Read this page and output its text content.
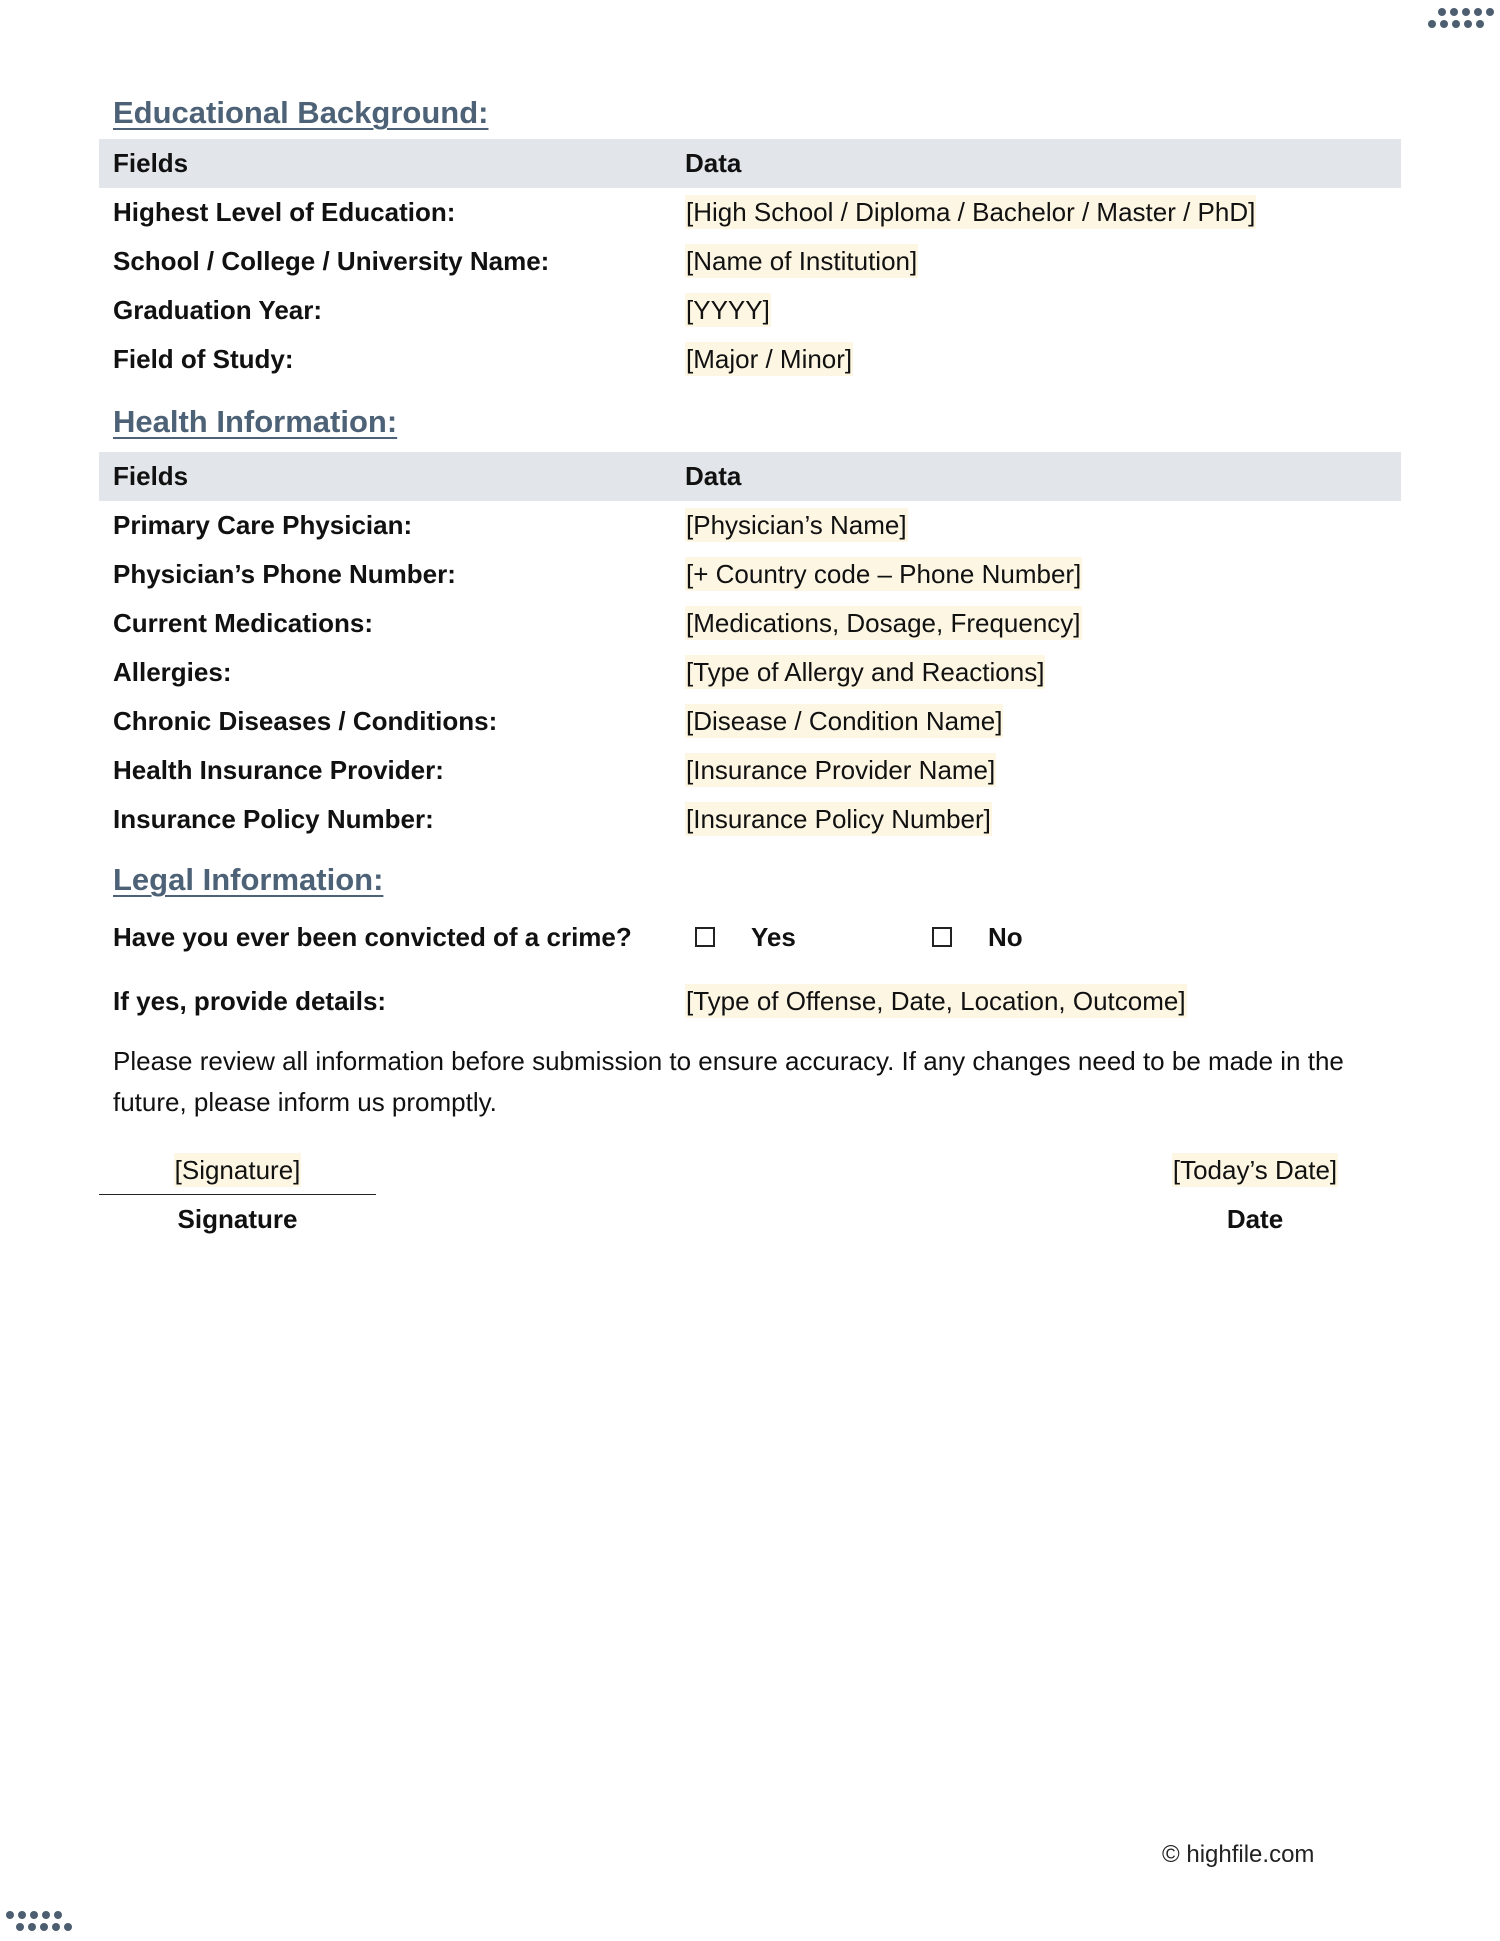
Educational Background:
Fields	Data
Highest Level of Education:	[High School / Diploma / Bachelor / Master / PhD]
School / College / University Name:	[Name of Institution]
Graduation Year:	[YYYY]
Field of Study:	[Major / Minor]
Health Information:
Fields	Data
Primary Care Physician:	[Physician’s Name]
Physician’s Phone Number:	[+ Country code – Phone Number]
Current Medications:	[Medications, Dosage, Frequency]
Allergies:	[Type of Allergy and Reactions]
Chronic Diseases / Conditions:	[Disease / Condition Name]
Health Insurance Provider:	[Insurance Provider Name]
Insurance Policy Number:	[Insurance Policy Number]
Legal Information:
Have you ever been convicted of a crime?	Yes	No
If yes, provide details:	[Type of Offense, Date, Location, Outcome]

Please review all information before submission to ensure accuracy. If any changes need to be made in the future, please inform us promptly.

[Signature]
Signature
[Today’s Date]
Date
© highfile.com
